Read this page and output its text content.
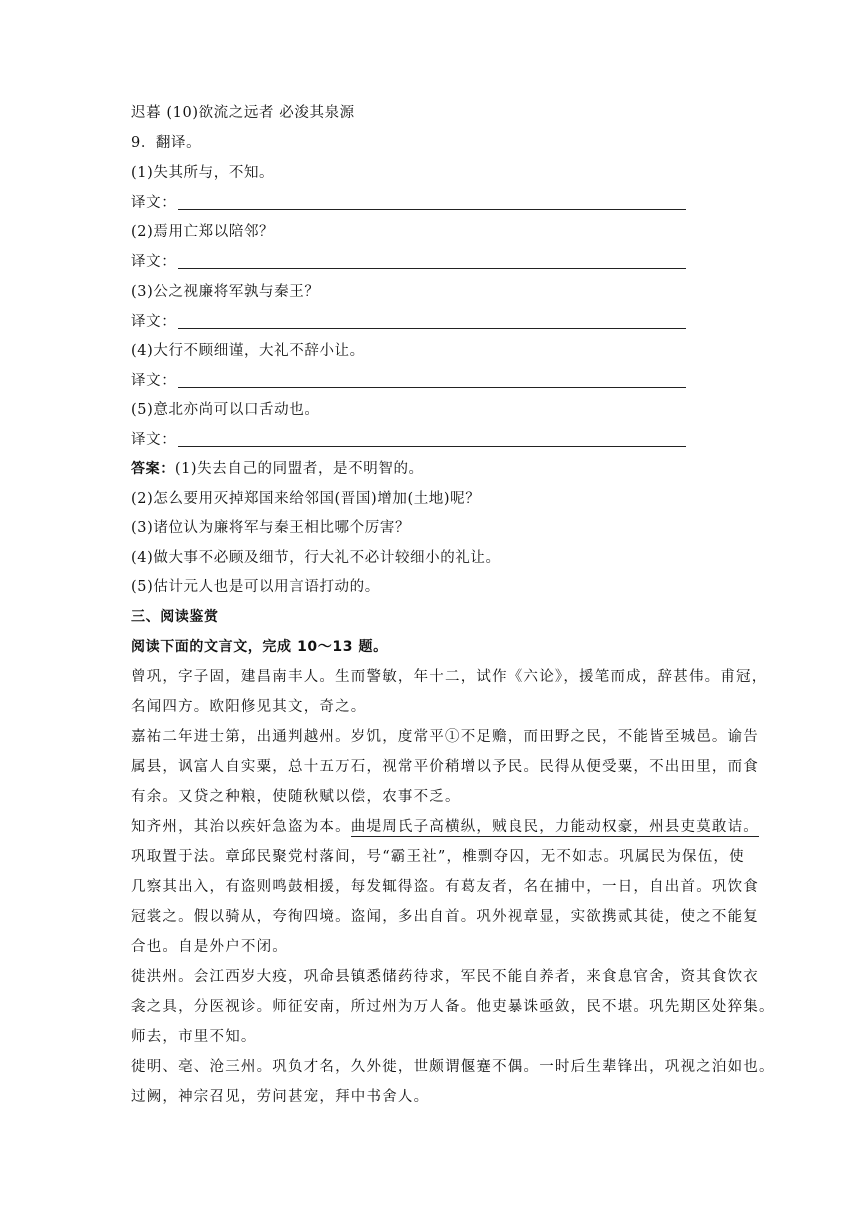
迟暮 (10)欲流之远者 必浚其泉源
9．翻译。
(1)失其所与，不知。
译文：
(2)焉用亡郑以陪邻？
译文：
(3)公之视廉将军孰与秦王？
译文：
(4)大行不顾细谨，大礼不辞小让。
译文：
(5)意北亦尚可以口舌动也。
译文：
答案：(1)失去自己的同盟者，是不明智的。
(2)怎么要用灭掉郑国来给邻国(晋国)增加(土地)呢？
(3)诸位认为廉将军与秦王相比哪个厉害？
(4)做大事不必顾及细节，行大礼不必计较细小的礼让。
(5)估计元人也是可以用言语打动的。
三、阅读鉴赏
阅读下面的文言文，完成 10～13 题。
曾巩，字子固，建昌南丰人。生而警敏，年十二，试作《六论》，援笔而成，辞甚伟。甫冠，
名闻四方。欧阳修见其文，奇之。
嘉祐二年进士第，出通判越州。岁饥，度常平①不足赡，而田野之民，不能皆至城邑。谕告
属县，讽富人自实粟，总十五万石，视常平价稍增以予民。民得从便受粟，不出田里，而食
有余。又贷之种粮，使随秋赋以偿，农事不乏。
知齐州，其治以疾奸急盗为本。曲堤周氏子高横纵，贼良民，力能动权豪，州县吏莫敢诘。
巩取置于法。章邱民聚党村落间，号“霸王社”，椎剽夺囚，无不如志。巩属民为保伍，使
几察其出入，有盗则鸣鼓相援，每发辄得盗。有葛友者，名在捕中，一日，自出首。巩饮食
冠裳之。假以骑从，夸徇四境。盗闻，多出自首。巩外视章显，实欲携贰其徒，使之不能复
合也。自是外户不闭。
徙洪州。会江西岁大疫，巩命县镇悉储药待求，军民不能自养者，来食息官舍，资其食饮衣
衾之具，分医视诊。师征安南，所过州为万人备。他吏暴诛亟敛，民不堪。巩先期区处猝集。
师去，市里不知。
徙明、亳、沧三州。巩负才名，久外徙，世颇谓偃蹇不偶。一时后生辈锋出，巩视之泊如也。
过阙，神宗召见，劳问甚宠，拜中书舍人。
